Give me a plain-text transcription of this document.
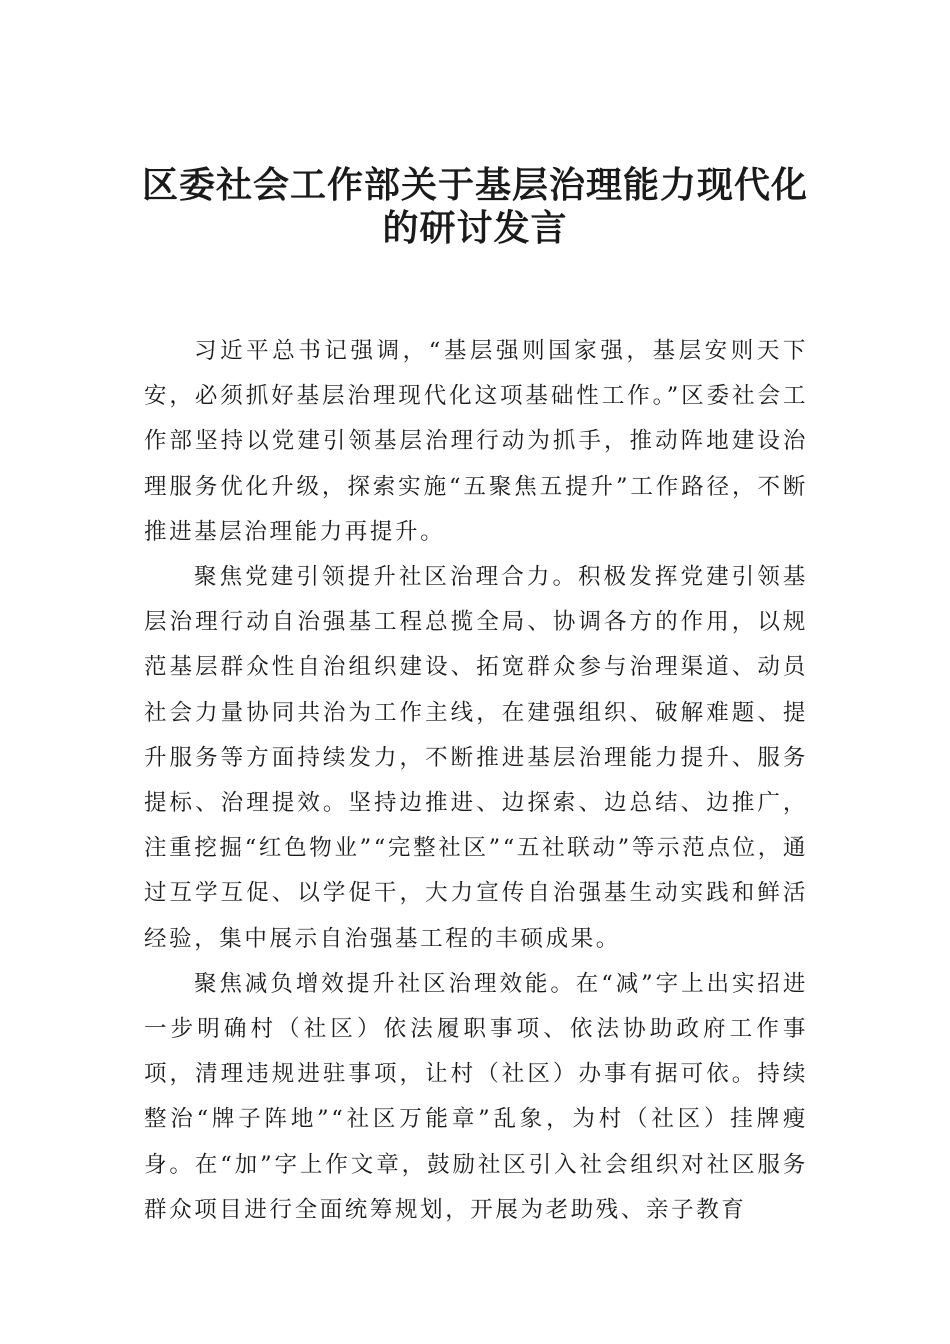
区委社会工作部关于基层治理能力现代化
的研讨发言

习近平总书记强调，“基层强则国家强，基层安则天下安，必须抓好基层治理现代化这项基础性工作。”区委社会工作部坚持以党建引领基层治理行动为抓手，推动阵地建设治理服务优化升级，探索实施“五聚焦五提升”工作路径，不断推进基层治理能力再提升。

聚焦党建引领提升社区治理合力。积极发挥党建引领基层治理行动自治强基工程总揽全局、协调各方的作用，以规范基层群众性自治组织建设、拓宽群众参与治理渠道、动员社会力量协同共治为工作主线，在建强组织、破解难题、提升服务等方面持续发力，不断推进基层治理能力提升、服务提标、治理提效。坚持边推进、边探索、边总结、边推广，注重挖掘“红色物业”“完整社区”“五社联动”等示范点位，通过互学互促、以学促干，大力宣传自治强基生动实践和鲜活经验，集中展示自治强基工程的丰硕成果。

聚焦减负增效提升社区治理效能。在“减”字上出实招进一步明确村（社区）依法履职事项、依法协助政府工作事项，清理违规进驻事项，让村（社区）办事有据可依。持续整治“牌子阵地”“社区万能章”乱象，为村（社区）挂牌瘦身。在“加”字上作文章，鼓励社区引入社会组织对社区服务群众项目进行全面统筹规划，开展为老助残、亲子教育
